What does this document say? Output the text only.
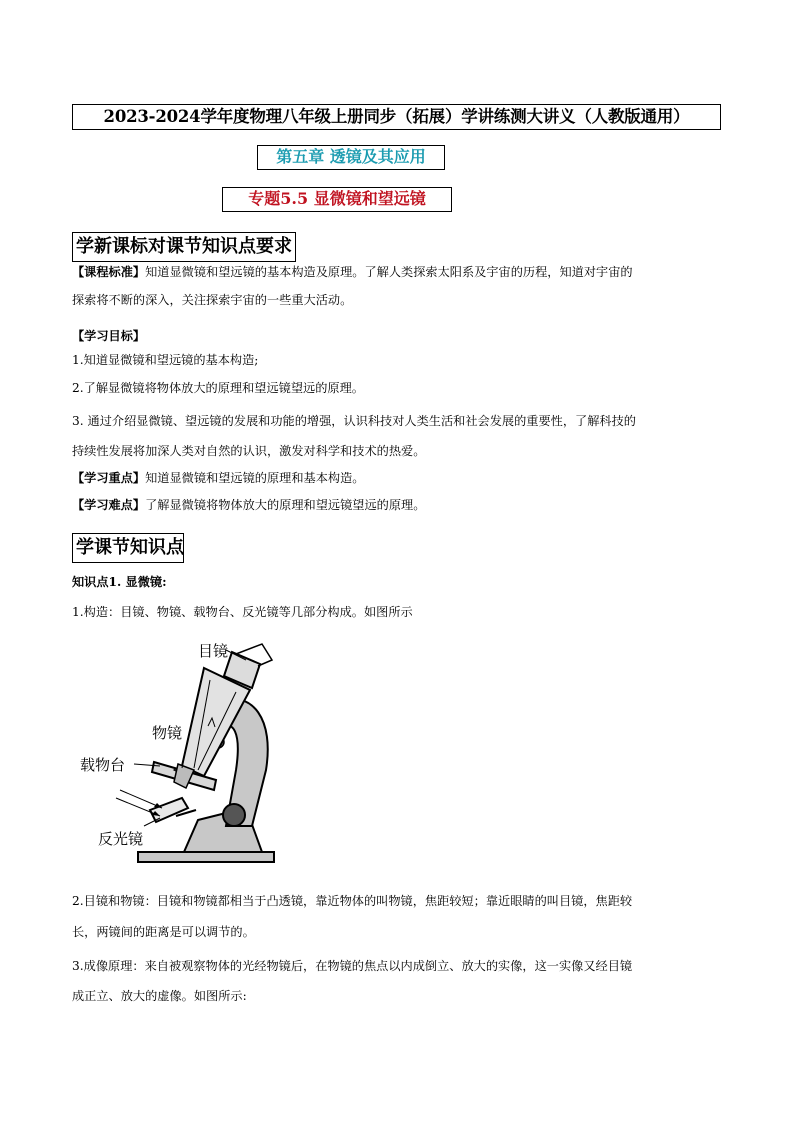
2023-2024学年度物理八年级上册同步（拓展）学讲练测大讲义（人教版通用）
第五章 透镜及其应用
专题5.5 显微镜和望远镜
学新课标对课节知识点要求
【课程标准】知道显微镜和望远镜的基本构造及原理。了解人类探索太阳系及宇宙的历程，知道对宇宙的
探索将不断的深入，关注探索宇宙的一些重大活动。
【学习目标】
1.知道显微镜和望远镜的基本构造;
2.了解显微镜将物体放大的原理和望远镜望远的原理。
3. 通过介绍显微镜、望远镜的发展和功能的增强，认识科技对人类生活和社会发展的重要性，了解科技的
持续性发展将加深人类对自然的认识，激发对科学和技术的热爱。
【学习重点】知道显微镜和望远镜的原理和基本构造。
【学习难点】了解显微镜将物体放大的原理和望远镜望远的原理。
学课节知识点
知识点1. 显微镜:
1.构造：目镜、物镜、载物台、反光镜等几部分构成。如图所示
目镜
物镜
载物台
反光镜
2.目镜和物镜：目镜和物镜都相当于凸透镜，靠近物体的叫物镜，焦距较短；靠近眼睛的叫目镜，焦距较
长，两镜间的距离是可以调节的。
3.成像原理：来自被观察物体的光经物镜后，在物镜的焦点以内成倒立、放大的实像，这一实像又经目镜
成正立、放大的虚像。如图所示:
